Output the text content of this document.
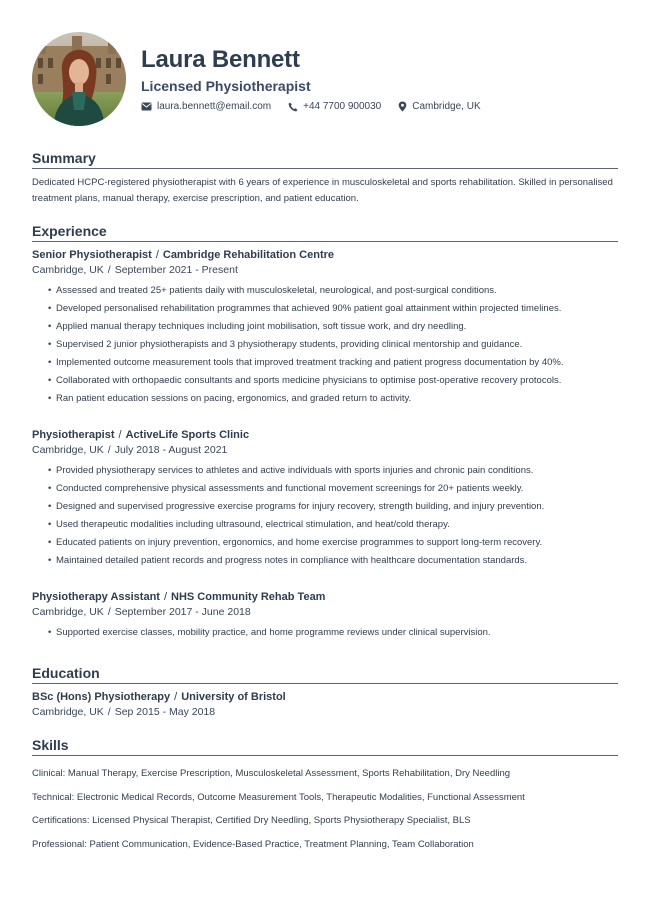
Laura Bennett
Licensed Physiotherapist
laura.bennett@email.com	+44 7700 900030	Cambridge, UK
Summary
Dedicated HCPC-registered physiotherapist with 6 years of experience in musculoskeletal and sports rehabilitation. Skilled in personalised treatment plans, manual therapy, exercise prescription, and patient education.
Experience
Senior Physiotherapist / Cambridge Rehabilitation Centre
Cambridge, UK / September 2021 - Present
• Assessed and treated 25+ patients daily with musculoskeletal, neurological, and post-surgical conditions.
• Developed personalised rehabilitation programmes that achieved 90% patient goal attainment within projected timelines.
• Applied manual therapy techniques including joint mobilisation, soft tissue work, and dry needling.
• Supervised 2 junior physiotherapists and 3 physiotherapy students, providing clinical mentorship and guidance.
• Implemented outcome measurement tools that improved treatment tracking and patient progress documentation by 40%.
• Collaborated with orthopaedic consultants and sports medicine physicians to optimise post-operative recovery protocols.
• Ran patient education sessions on pacing, ergonomics, and graded return to activity.
Physiotherapist / ActiveLife Sports Clinic
Cambridge, UK / July 2018 - August 2021
• Provided physiotherapy services to athletes and active individuals with sports injuries and chronic pain conditions.
• Conducted comprehensive physical assessments and functional movement screenings for 20+ patients weekly.
• Designed and supervised progressive exercise programs for injury recovery, strength building, and injury prevention.
• Used therapeutic modalities including ultrasound, electrical stimulation, and heat/cold therapy.
• Educated patients on injury prevention, ergonomics, and home exercise programmes to support long-term recovery.
• Maintained detailed patient records and progress notes in compliance with healthcare documentation standards.
Physiotherapy Assistant / NHS Community Rehab Team
Cambridge, UK / September 2017 - June 2018
• Supported exercise classes, mobility practice, and home programme reviews under clinical supervision.
Education
BSc (Hons) Physiotherapy / University of Bristol
Cambridge, UK / Sep 2015 - May 2018
Skills
Clinical: Manual Therapy, Exercise Prescription, Musculoskeletal Assessment, Sports Rehabilitation, Dry Needling
Technical: Electronic Medical Records, Outcome Measurement Tools, Therapeutic Modalities, Functional Assessment
Certifications: Licensed Physical Therapist, Certified Dry Needling, Sports Physiotherapy Specialist, BLS
Professional: Patient Communication, Evidence-Based Practice, Treatment Planning, Team Collaboration
